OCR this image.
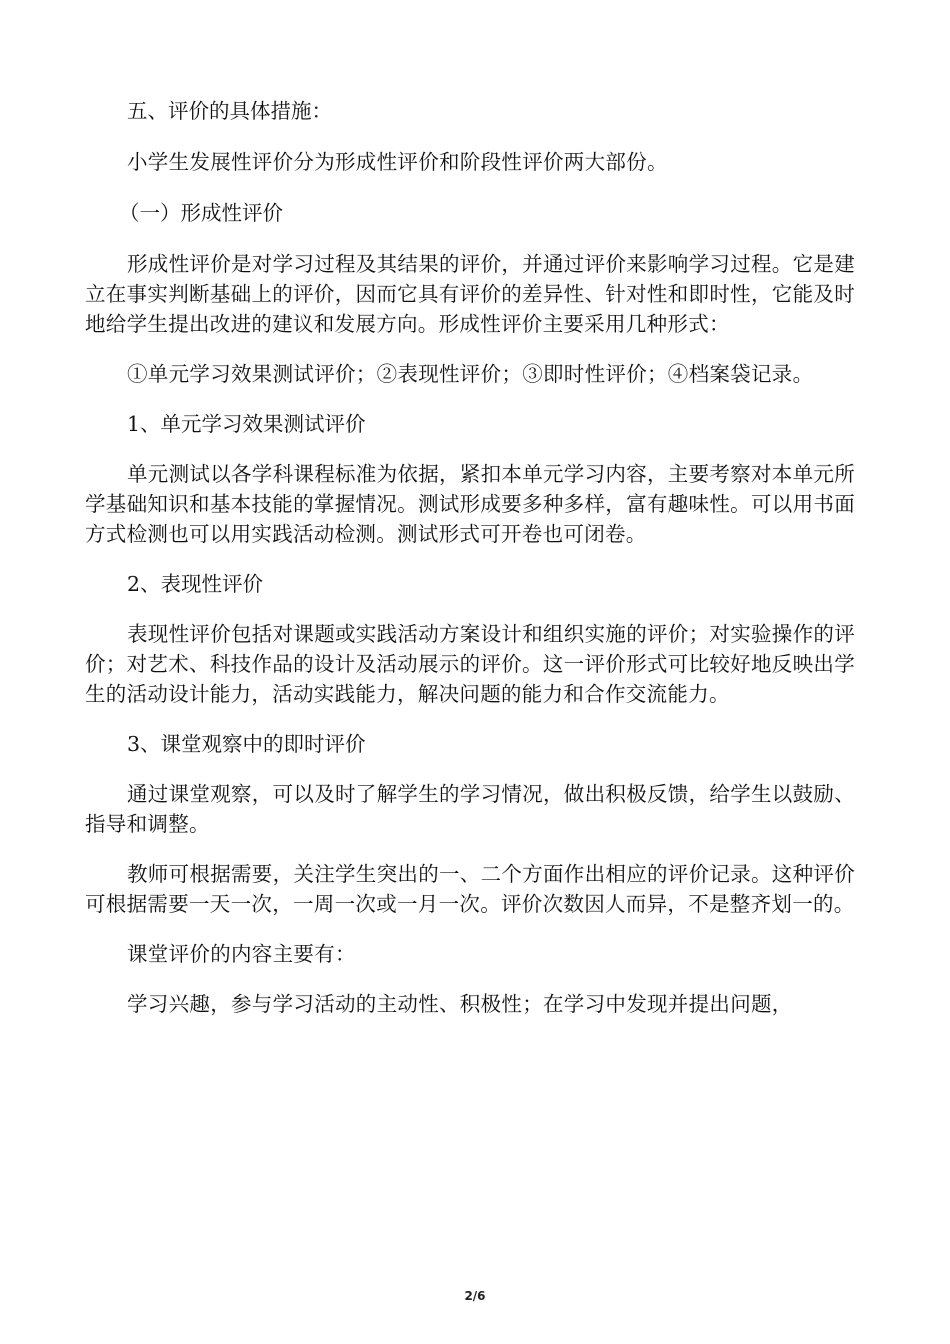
五、评价的具体措施：

小学生发展性评价分为形成性评价和阶段性评价两大部份。

（一）形成性评价

形成性评价是对学习过程及其结果的评价，并通过评价来影响学习过程。它是建立在事实判断基础上的评价，因而它具有评价的差异性、针对性和即时性，它能及时地给学生提出改进的建议和发展方向。形成性评价主要采用几种形式：

①单元学习效果测试评价；②表现性评价；③即时性评价；④档案袋记录。

1、单元学习效果测试评价

单元测试以各学科课程标准为依据，紧扣本单元学习内容，主要考察对本单元所学基础知识和基本技能的掌握情况。测试形成要多种多样，富有趣味性。可以用书面方式检测也可以用实践活动检测。测试形式可开卷也可闭卷。

2、表现性评价

表现性评价包括对课题或实践活动方案设计和组织实施的评价；对实验操作的评价；对艺术、科技作品的设计及活动展示的评价。这一评价形式可比较好地反映出学生的活动设计能力，活动实践能力，解决问题的能力和合作交流能力。

3、课堂观察中的即时评价

通过课堂观察，可以及时了解学生的学习情况，做出积极反馈，给学生以鼓励、指导和调整。

教师可根据需要，关注学生突出的一、二个方面作出相应的评价记录。这种评价可根据需要一天一次，一周一次或一月一次。评价次数因人而异，不是整齐划一的。

课堂评价的内容主要有：

学习兴趣，参与学习活动的主动性、积极性；在学习中发现并提出问题，

2/6
